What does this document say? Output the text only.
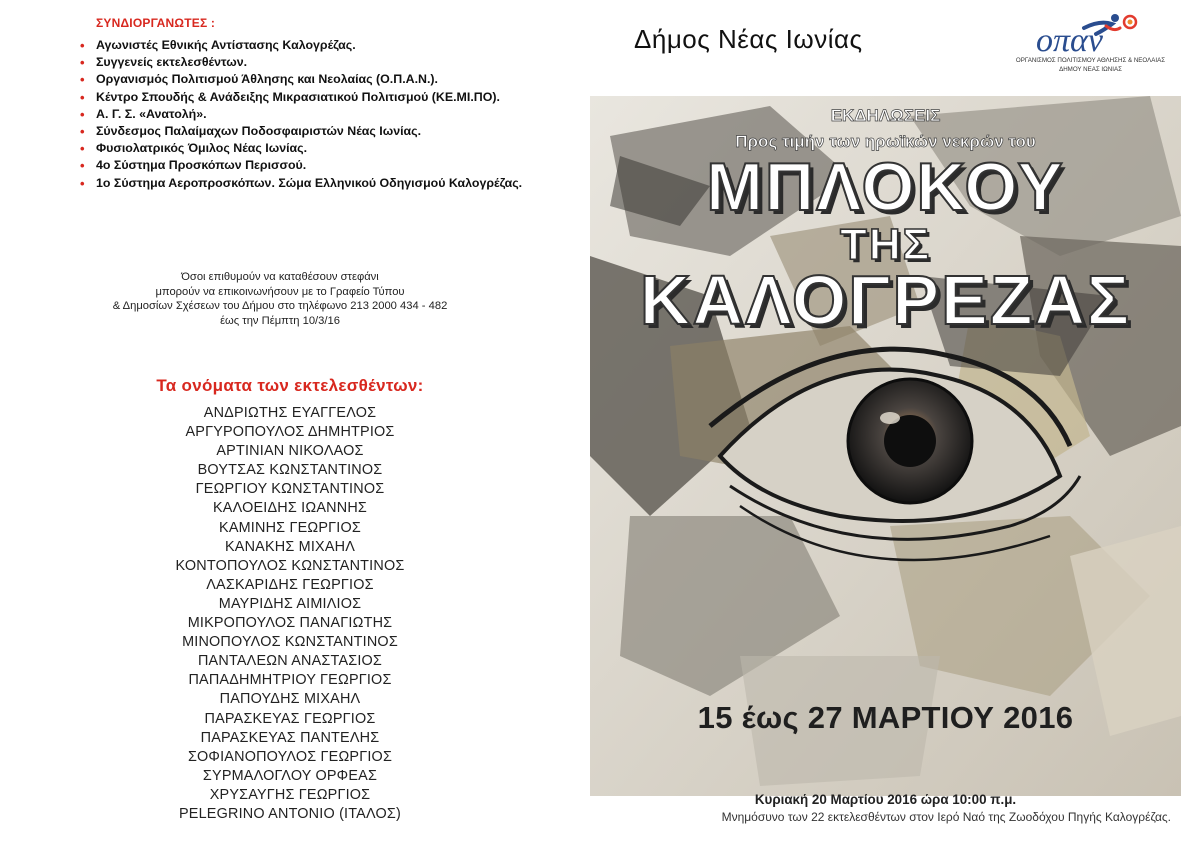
ΣΥΝΔΙΟΡΓΑΝΩΤΕΣ :
• Αγωνιστές Εθνικής Αντίστασης Καλογρέζας.
• Συγγενείς εκτελεσθέντων.
• Οργανισμός Πολιτισμού Άθλησης και Νεολαίας (Ο.Π.Α.Ν.).
• Κέντρο Σπουδής & Ανάδειξης Μικρασιατικού Πολιτισμού (ΚΕ.ΜΙ.ΠΟ).
• Α. Γ. Σ. «Ανατολή».
• Σύνδεσμος Παλαίμαχων Ποδοσφαιριστών Νέας Ιωνίας.
• Φυσιολατρικός Όμιλος Νέας Ιωνίας.
• 4ο Σύστημα Προσκόπων Περισσού.
• 1ο Σύστημα Αεροπροσκόπων. Σώμα Ελληνικού Οδηγισμού Καλογρέζας.
Όσοι επιθυμούν να καταθέσουν στεφάνι
μπορούν να επικοινωνήσουν με το Γραφείο Τύπου
& Δημοσίων Σχέσεων του Δήμου στο τηλέφωνο 213 2000 434 - 482
έως την Πέμπτη 10/3/16
Τα ονόματα των εκτελεσθέντων:
ΑΝΔΡΙΩΤΗΣ ΕΥΑΓΓΕΛΟΣ
ΑΡΓΥΡΟΠΟΥΛΟΣ ΔΗΜΗΤΡΙΟΣ
ΑΡΤΙΝΙΑΝ ΝΙΚΟΛΑΟΣ
ΒΟΥΤΣΑΣ ΚΩΝΣΤΑΝΤΙΝΟΣ
ΓΕΩΡΓΙΟΥ ΚΩΝΣΤΑΝΤΙΝΟΣ
ΚΑΛΟΕΙΔΗΣ ΙΩΑΝΝΗΣ
ΚΑΜΙΝΗΣ ΓΕΩΡΓΙΟΣ
ΚΑΝΑΚΗΣ ΜΙΧΑΗΛ
ΚΟΝΤΟΠΟΥΛΟΣ ΚΩΝΣΤΑΝΤΙΝΟΣ
ΛΑΣΚΑΡΙΔΗΣ ΓΕΩΡΓΙΟΣ
ΜΑΥΡΙΔΗΣ ΑΙΜΙΛΙΟΣ
ΜΙΚΡΟΠΟΥΛΟΣ ΠΑΝΑΓΙΩΤΗΣ
ΜΙΝΟΠΟΥΛΟΣ ΚΩΝΣΤΑΝΤΙΝΟΣ
ΠΑΝΤΑΛΕΩΝ ΑΝΑΣΤΑΣΙΟΣ
ΠΑΠΑΔΗΜΗΤΡΙΟΥ ΓΕΩΡΓΙΟΣ
ΠΑΠΟΥΔΗΣ ΜΙΧΑΗΛ
ΠΑΡΑΣΚΕΥΑΣ ΓΕΩΡΓΙΟΣ
ΠΑΡΑΣΚΕΥΑΣ ΠΑΝΤΕΛΗΣ
ΣΟΦΙΑΝΟΠΟΥΛΟΣ ΓΕΩΡΓΙΟΣ
ΣΥΡΜΑΛΟΓΛΟΥ ΟΡΦΕΑΣ
ΧΡΥΣΑΥΓΗΣ ΓΕΩΡΓΙΟΣ
PELEGRINO ANTONIO (ΙΤΑΛΟΣ)
Δήμος Νέας Ιωνίας	οπαν
ΟΡΓΑΝΙΣΜΟΣ ΠΟΛΙΤΙΣΜΟΥ ΑΘΛΗΣΗΣ & ΝΕΟΛΑΙΑΣ
ΔΗΜΟΥ ΝΕΑΣ ΙΩΝΙΑΣ
ΕΚΔΗΛΩΣΕΙΣ
Προς τιμήν των ηρωϊκών νεκρών του
ΜΠΛΟΚΟΥ
ΤΗΣ
ΚΑΛΟΓΡΕΖΑΣ
15 έως 27 ΜΑΡΤΙΟΥ 2016
Κυριακή 20 Μαρτίου 2016 ώρα 10:00 π.μ.
Μνημόσυνο των 22 εκτελεσθέντων στον Ιερό Ναό της Ζωοδόχου Πηγής Καλογρέζας.
